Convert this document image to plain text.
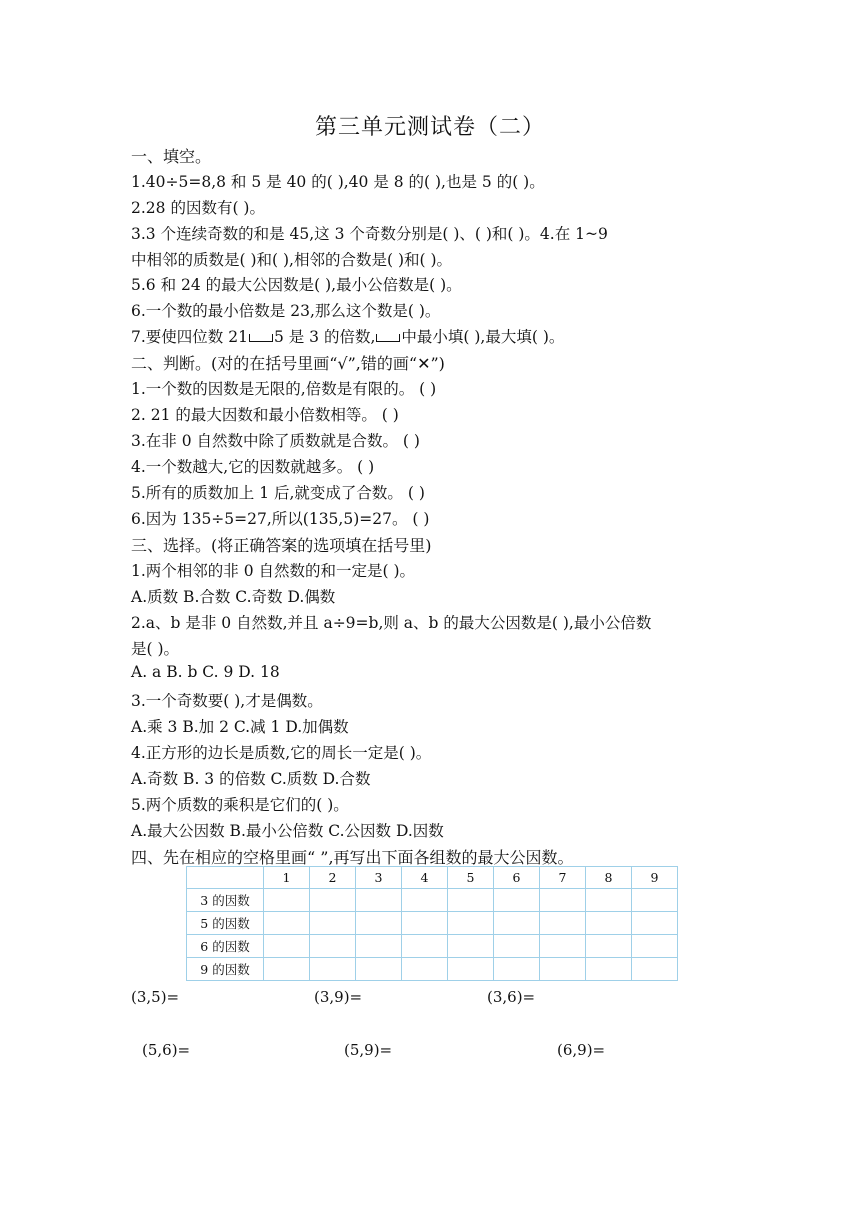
第三单元测试卷（二）
一、填空。
1.40÷5=8,8 和 5 是 40 的( ),40 是 8 的( ),也是 5 的( )。
2.28 的因数有( )。
3.3 个连续奇数的和是 45,这 3 个奇数分别是( )、( )和( )。4.在 1~9
中相邻的质数是( )和( ),相邻的合数是( )和( )。
5.6 和 24 的最大公因数是( ),最小公倍数是( )。
6.一个数的最小倍数是 23,那么这个数是( )。
7.要使四位数 21 5 是 3 的倍数, 中最小填( ),最大填( )。
二、判断。(对的在括号里画“√”,错的画“✕”)
1.一个数的因数是无限的,倍数是有限的。 ( )
2. 21 的最大因数和最小倍数相等。 ( )
3.在非 0 自然数中除了质数就是合数。 ( )
4.一个数越大,它的因数就越多。 ( )
5.所有的质数加上 1 后,就变成了合数。 ( )
6.因为 135÷5=27,所以(135,5)=27。 ( )
三、选择。(将正确答案的选项填在括号里)
1.两个相邻的非 0 自然数的和一定是( )。
A.质数 B.合数 C.奇数 D.偶数
2.a、b 是非 0 自然数,并且 a÷9=b,则 a、b 的最大公因数是( ),最小公倍数
是( )。
A. a B. b C. 9 D. 18
3.一个奇数要( ),才是偶数。
A.乘 3 B.加 2 C.减 1 D.加偶数
4.正方形的边长是质数,它的周长一定是( )。
A.奇数 B. 3 的倍数 C.质数 D.合数
5.两个质数的乘积是它们的( )。
A.最大公因数 B.最小公倍数 C.公因数 D.因数
四、先在相应的空格里画“ ”,再写出下面各组数的最大公因数。
	1	2	3	4	5	6	7	8	9
3 的因数									
5 的因数									
6 的因数									
9 的因数									
(3,5)=	(3,9)=	(3,6)=
(5,6)=	(5,9)=	(6,9)=
